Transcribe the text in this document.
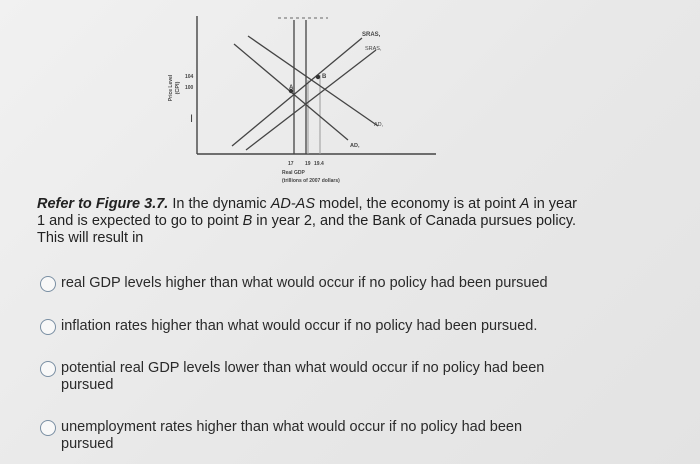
A
B
SRAS,
SRAS,
AD,
AD,
Price Level (CPI)
104
100
I
17 19 19.4
Real GDP
(trillions of 2007 dollars)
Refer to Figure 3.7. In the dynamic AD-AS model, the economy is at point A in year 1 and is expected to go to point B in year 2, and the Bank of Canada pursues policy. This will result in
real GDP levels higher than what would occur if no policy had been pursued
inflation rates higher than what would occur if no policy had been pursued.
potential real GDP levels lower than what would occur if no policy had been pursued
unemployment rates higher than what would occur if no policy had been pursued
